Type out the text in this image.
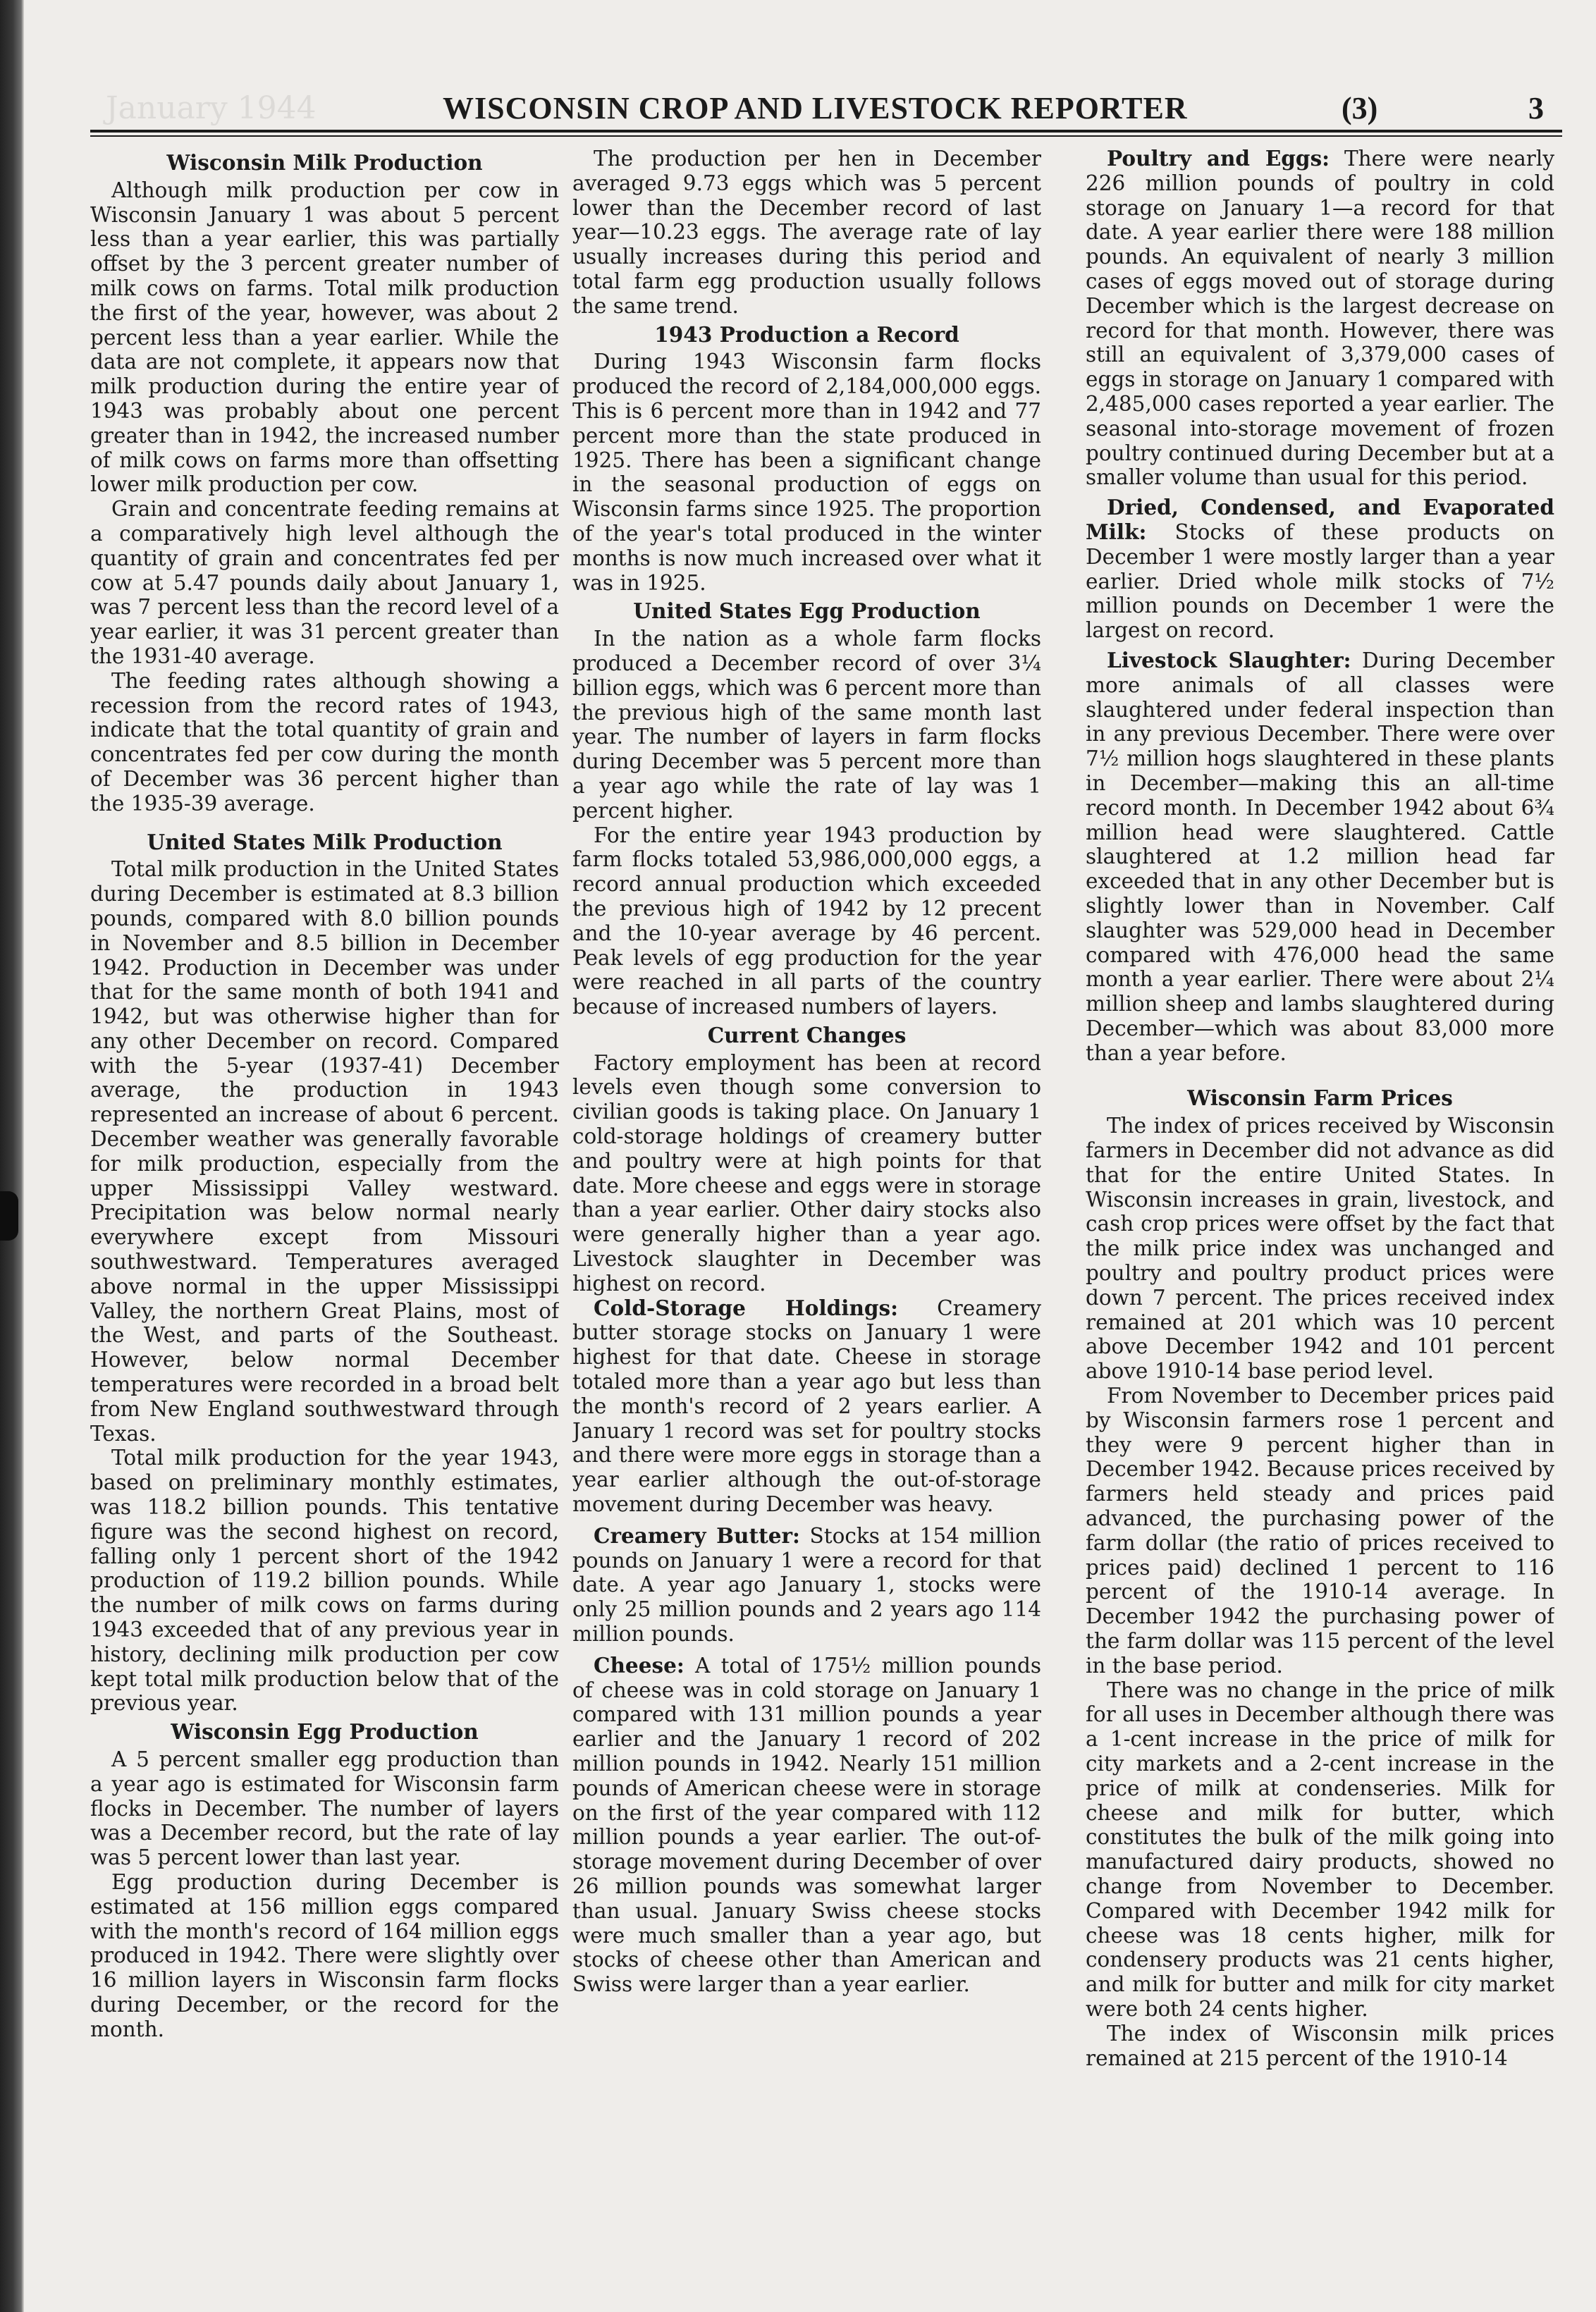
January 1944	WISCONSIN CROP AND LIVESTOCK REPORTER	(3)	3
Wisconsin Milk Production

Although milk production per cow in Wisconsin January 1 was about 5 percent less than a year earlier, this was partially offset by the 3 percent greater number of milk cows on farms. Total milk production the first of the year, however, was about 2 percent less than a year earlier. While the data are not complete, it appears now that milk production during the entire year of 1943 was probably about one percent greater than in 1942, the increased number of milk cows on farms more than offsetting lower milk production per cow.

Grain and concentrate feeding remains at a comparatively high level although the quantity of grain and concentrates fed per cow at 5.47 pounds daily about January 1, was 7 percent less than the record level of a year earlier, it was 31 percent greater than the 1931-40 average.

The feeding rates although showing a recession from the record rates of 1943, indicate that the total quantity of grain and concentrates fed per cow during the month of December was 36 percent higher than the 1935-39 average.

United States Milk Production

Total milk production in the United States during December is estimated at 8.3 billion pounds, compared with 8.0 billion pounds in November and 8.5 billion in December 1942. Production in December was under that for the same month of both 1941 and 1942, but was otherwise higher than for any other December on record. Compared with the 5-year (1937-41) December average, the production in 1943 represented an increase of about 6 percent. December weather was generally favorable for milk production, especially from the upper Mississippi Valley westward. Precipitation was below normal nearly everywhere except from Missouri southwestward. Temperatures averaged above normal in the upper Mississippi Valley, the northern Great Plains, most of the West, and parts of the Southeast. However, below normal December temperatures were recorded in a broad belt from New England southwestward through Texas.

Total milk production for the year 1943, based on preliminary monthly estimates, was 118.2 billion pounds. This tentative figure was the second highest on record, falling only 1 percent short of the 1942 production of 119.2 billion pounds. While the number of milk cows on farms during 1943 exceeded that of any previous year in history, declining milk production per cow kept total milk production below that of the previous year.

Wisconsin Egg Production

A 5 percent smaller egg production than a year ago is estimated for Wisconsin farm flocks in December. The number of layers was a December record, but the rate of lay was 5 percent lower than last year.

Egg production during December is estimated at 156 million eggs compared with the month's record of 164 million eggs produced in 1942. There were slightly over 16 million layers in Wisconsin farm flocks during December, or the record for the month.

The production per hen in December averaged 9.73 eggs which was 5 percent lower than the December record of last year—10.23 eggs. The average rate of lay usually increases during this period and total farm egg production usually follows the same trend.

1943 Production a Record

During 1943 Wisconsin farm flocks produced the record of 2,184,000,000 eggs. This is 6 percent more than in 1942 and 77 percent more than the state produced in 1925. There has been a significant change in the seasonal production of eggs on Wisconsin farms since 1925. The proportion of the year's total produced in the winter months is now much increased over what it was in 1925.

United States Egg Production

In the nation as a whole farm flocks produced a December record of over 3¼ billion eggs, which was 6 percent more than the previous high of the same month last year. The number of layers in farm flocks during December was 5 percent more than a year ago while the rate of lay was 1 percent higher.

For the entire year 1943 production by farm flocks totaled 53,986,000,000 eggs, a record annual production which exceeded the previous high of 1942 by 12 precent and the 10-year average by 46 percent. Peak levels of egg production for the year were reached in all parts of the country because of increased numbers of layers.

Current Changes

Factory employment has been at record levels even though some conversion to civilian goods is taking place. On January 1 cold-storage holdings of creamery butter and poultry were at high points for that date. More cheese and eggs were in storage than a year earlier. Other dairy stocks also were generally higher than a year ago. Livestock slaughter in December was highest on record.

Cold-Storage Holdings: Creamery butter storage stocks on January 1 were highest for that date. Cheese in storage totaled more than a year ago but less than the month's record of 2 years earlier. A January 1 record was set for poultry stocks and there were more eggs in storage than a year earlier although the out-of-storage movement during December was heavy.

Creamery Butter: Stocks at 154 million pounds on January 1 were a record for that date. A year ago January 1, stocks were only 25 million pounds and 2 years ago 114 million pounds.

Cheese: A total of 175½ million pounds of cheese was in cold storage on January 1 compared with 131 million pounds a year earlier and the January 1 record of 202 million pounds in 1942. Nearly 151 million pounds of American cheese were in storage on the first of the year compared with 112 million pounds a year earlier. The out-of-storage movement during December of over 26 million pounds was somewhat larger than usual. January Swiss cheese stocks were much smaller than a year ago, but stocks of cheese other than American and Swiss were larger than a year earlier.

Poultry and Eggs: There were nearly 226 million pounds of poultry in cold storage on January 1—a record for that date. A year earlier there were 188 million pounds. An equivalent of nearly 3 million cases of eggs moved out of storage during December which is the largest decrease on record for that month. However, there was still an equivalent of 3,379,000 cases of eggs in storage on January 1 compared with 2,485,000 cases reported a year earlier. The seasonal into-storage movement of frozen poultry continued during December but at a smaller volume than usual for this period.

Dried, Condensed, and Evaporated Milk: Stocks of these products on December 1 were mostly larger than a year earlier. Dried whole milk stocks of 7½ million pounds on December 1 were the largest on record.

Livestock Slaughter: During December more animals of all classes were slaughtered under federal inspection than in any previous December. There were over 7½ million hogs slaughtered in these plants in December—making this an all-time record month. In December 1942 about 6¾ million head were slaughtered. Cattle slaughtered at 1.2 million head far exceeded that in any other December but is slightly lower than in November. Calf slaughter was 529,000 head in December compared with 476,000 head the same month a year earlier. There were about 2¼ million sheep and lambs slaughtered during December—which was about 83,000 more than a year before.

Wisconsin Farm Prices

The index of prices received by Wisconsin farmers in December did not advance as did that for the entire United States. In Wisconsin increases in grain, livestock, and cash crop prices were offset by the fact that the milk price index was unchanged and poultry and poultry product prices were down 7 percent. The prices received index remained at 201 which was 10 percent above December 1942 and 101 percent above 1910-14 base period level.

From November to December prices paid by Wisconsin farmers rose 1 percent and they were 9 percent higher than in December 1942. Because prices received by farmers held steady and prices paid advanced, the purchasing power of the farm dollar (the ratio of prices received to prices paid) declined 1 percent to 116 percent of the 1910-14 average. In December 1942 the purchasing power of the farm dollar was 115 percent of the level in the base period.

There was no change in the price of milk for all uses in December although there was a 1-cent increase in the price of milk for city markets and a 2-cent increase in the price of milk at condenseries. Milk for cheese and milk for butter, which constitutes the bulk of the milk going into manufactured dairy products, showed no change from November to December. Compared with December 1942 milk for cheese was 18 cents higher, milk for condensery products was 21 cents higher, and milk for butter and milk for city market were both 24 cents higher.

The index of Wisconsin milk prices remained at 215 percent of the 1910-14
